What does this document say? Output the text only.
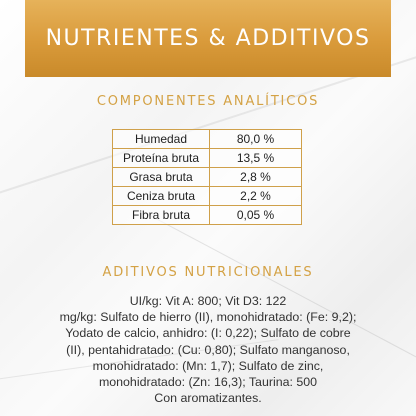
NUTRIENTES & ADDITIVOS
COMPONENTES ANALÍTICOS
Humedad	80,0 %
Proteína bruta	13,5 %
Grasa bruta	2,8 %
Ceniza bruta	2,2 %
Fibra bruta	0,05 %
ADITIVOS NUTRICIONALES
UI/kg: Vit A: 800; Vit D3: 122
mg/kg: Sulfato de hierro (II), monohidratado: (Fe: 9,2);
Yodato de calcio, anhidro: (I: 0,22); Sulfato de cobre
(II), pentahidratado: (Cu: 0,80); Sulfato manganoso,
monohidratado: (Mn: 1,7); Sulfato de zinc,
monohidratado: (Zn: 16,3); Taurina: 500
Con aromatizantes.
